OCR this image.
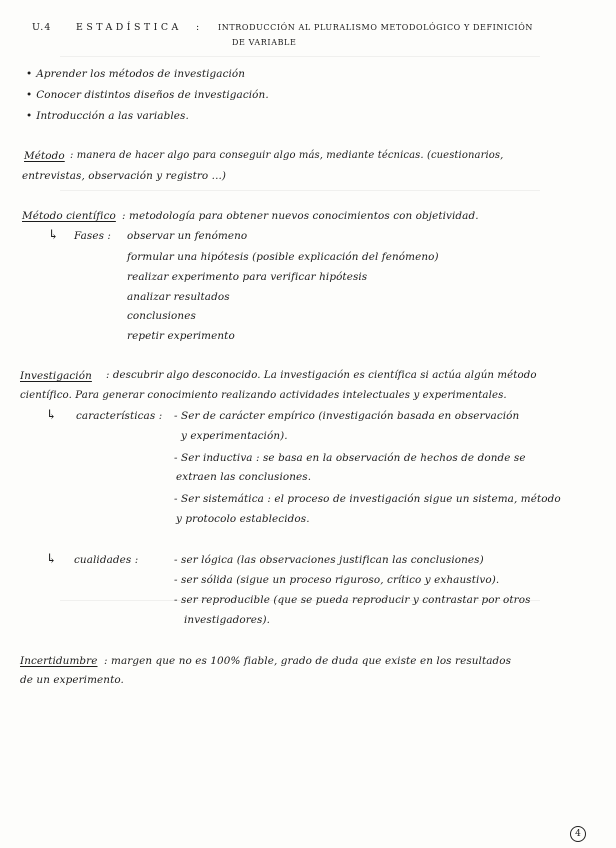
U.4	ESTADÍSTICA : INTRODUCCIÓN AL PLURALISMO METODOLÓGICO Y DEFINICIÓN
DE VARIABLE
• Aprender los métodos de investigación
• Conocer distintos diseños de investigación.
• Introducción a las variables.
Método : manera de hacer algo para conseguir algo más, mediante técnicas. (cuestionarios,
entrevistas, observación y registro ...)
Método científico : metodología para obtener nuevos conocimientos con objetividad.
↳ Fases : observar un fenómeno
formular una hipótesis (posible explicación del fenómeno)
realizar experimento para verificar hipótesis
analizar resultados
conclusiones
repetir experimento
Investigación : descubrir algo desconocido. La investigación es científica si actúa algún método
científico. Para generar conocimiento realizando actividades intelectuales y experimentales.
↳ características : - Ser de carácter empírico (investigación basada en observación
y experimentación).
- Ser inductiva : se basa en la observación de hechos de donde se
extraen las conclusiones.
- Ser sistemática : el proceso de investigación sigue un sistema, método
y protocolo establecidos.
↳ cualidades :	- ser lógica (las observaciones justifican las conclusiones)
- ser sólida (sigue un proceso riguroso, crítico y exhaustivo).
- ser reproducible (que se pueda reproducir y contrastar por otros
investigadores).
Incertidumbre : margen que no es 100% fiable, grado de duda que existe en los resultados
de un experimento.
4
